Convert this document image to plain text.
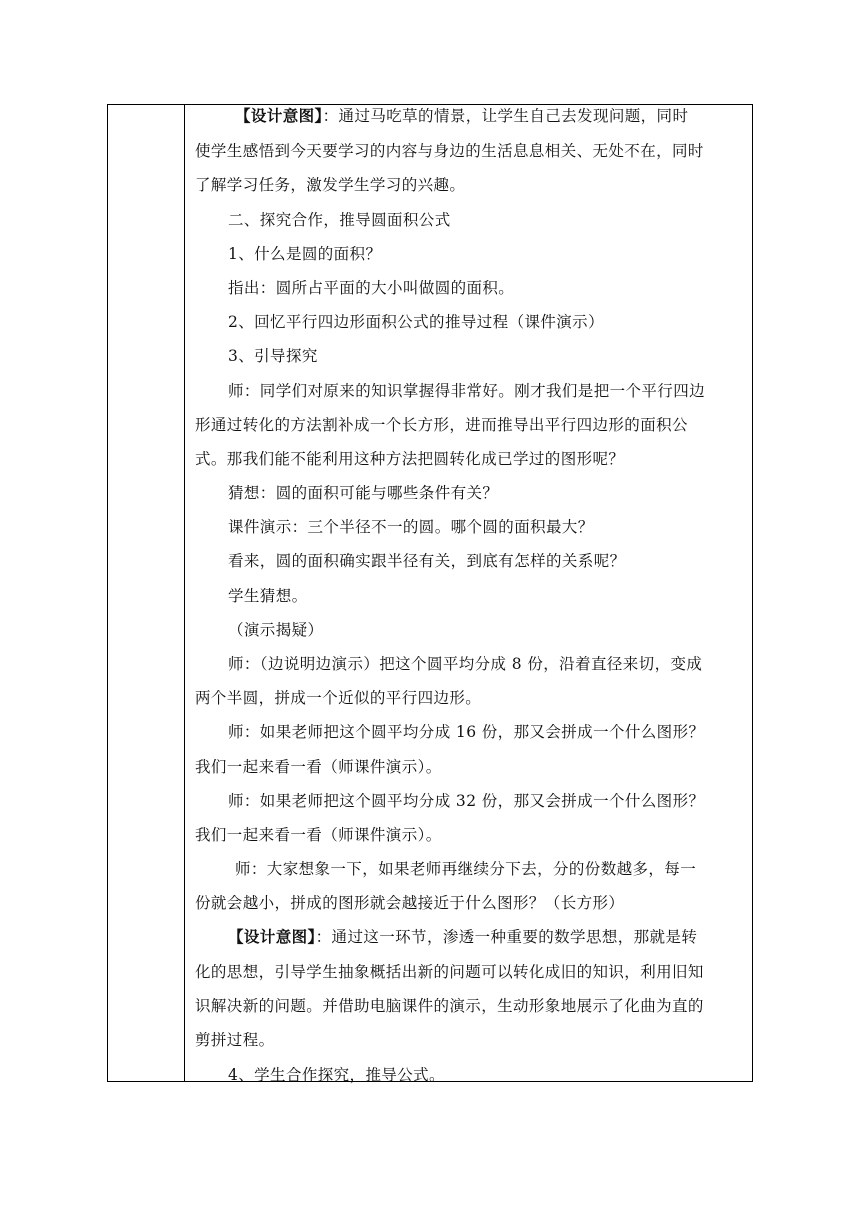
【设计意图】：通过马吃草的情景，让学生自己去发现问题，同时
使学生感悟到今天要学习的内容与身边的生活息息相关、无处不在，同时
了解学习任务，激发学生学习的兴趣。
二、探究合作，推导圆面积公式
1、什么是圆的面积？
指出：圆所占平面的大小叫做圆的面积。
2、回忆平行四边形面积公式的推导过程（课件演示）
3、引导探究
师：同学们对原来的知识掌握得非常好。刚才我们是把一个平行四边
形通过转化的方法割补成一个长方形，进而推导出平行四边形的面积公
式。那我们能不能利用这种方法把圆转化成已学过的图形呢？
猜想：圆的面积可能与哪些条件有关？
课件演示：三个半径不一的圆。哪个圆的面积最大？
看来，圆的面积确实跟半径有关，到底有怎样的关系呢？
学生猜想。
（演示揭疑）
师：（边说明边演示）把这个圆平均分成 8 份，沿着直径来切，变成
两个半圆，拼成一个近似的平行四边形。
师：如果老师把这个圆平均分成 16 份，那又会拼成一个什么图形？
我们一起来看一看（师课件演示）。
师：如果老师把这个圆平均分成 32 份，那又会拼成一个什么图形？
我们一起来看一看（师课件演示）。
师：大家想象一下，如果老师再继续分下去，分的份数越多，每一
份就会越小，拼成的图形就会越接近于什么图形？（长方形）
【设计意图】：通过这一环节，渗透一种重要的数学思想，那就是转
化的思想，引导学生抽象概括出新的问题可以转化成旧的知识，利用旧知
识解决新的问题。并借助电脑课件的演示，生动形象地展示了化曲为直的
剪拼过程。
4、学生合作探究，推导公式。
